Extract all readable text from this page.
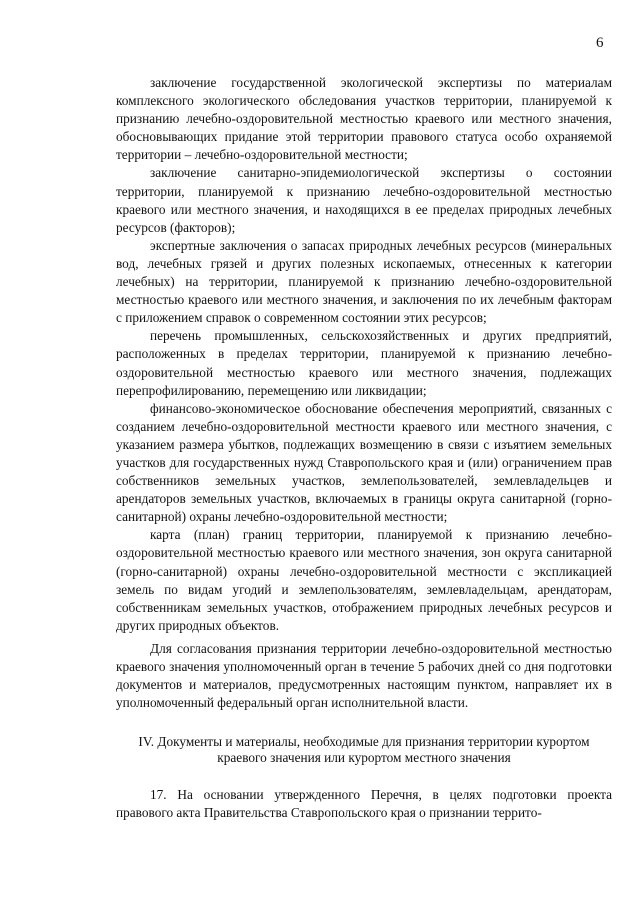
6

заключение государственной экологической экспертизы по материалам комплексного экологического обследования участков территории, планируемой к признанию лечебно-оздоровительной местностью краевого или местного значения, обосновывающих придание этой территории правового статуса особо охраняемой территории – лечебно-оздоровительной местности;

заключение санитарно-эпидемиологической экспертизы о состоянии территории, планируемой к признанию лечебно-оздоровительной местностью краевого или местного значения, и находящихся в ее пределах природных лечебных ресурсов (факторов);

экспертные заключения о запасах природных лечебных ресурсов (минеральных вод, лечебных грязей и других полезных ископаемых, отнесенных к категории лечебных) на территории, планируемой к признанию лечебно-оздоровительной местностью краевого или местного значения, и заключения по их лечебным факторам с приложением справок о современном состоянии этих ресурсов;

перечень промышленных, сельскохозяйственных и других предприятий, расположенных в пределах территории, планируемой к признанию лечебно-оздоровительной местностью краевого или местного значения, подлежащих перепрофилированию, перемещению или ликвидации;

финансово-экономическое обоснование обеспечения мероприятий, связанных с созданием лечебно-оздоровительной местности краевого или местного значения, с указанием размера убытков, подлежащих возмещению в связи с изъятием земельных участков для государственных нужд Ставропольского края и (или) ограничением прав собственников земельных участков, землепользователей, землевладельцев и арендаторов земельных участков, включаемых в границы округа санитарной (горно-санитарной) охраны лечебно-оздоровительной местности;

карта (план) границ территории, планируемой к признанию лечебно-оздоровительной местностью краевого или местного значения, зон округа санитарной (горно-санитарной) охраны лечебно-оздоровительной местности с экспликацией земель по видам угодий и землепользователям, землевладельцам, арендаторам, собственникам земельных участков, отображением природных лечебных ресурсов и других природных объектов.

Для согласования признания территории лечебно-оздоровительной местностью краевого значения уполномоченный орган в течение 5 рабочих дней со дня подготовки документов и материалов, предусмотренных настоящим пунктом, направляет их в уполномоченный федеральный орган исполнительной власти.

IV. Документы и материалы, необходимые для признания территории курортом краевого значения или курортом местного значения

17. На основании утвержденного Перечня, в целях подготовки проекта правового акта Правительства Ставропольского края о признании террито-
